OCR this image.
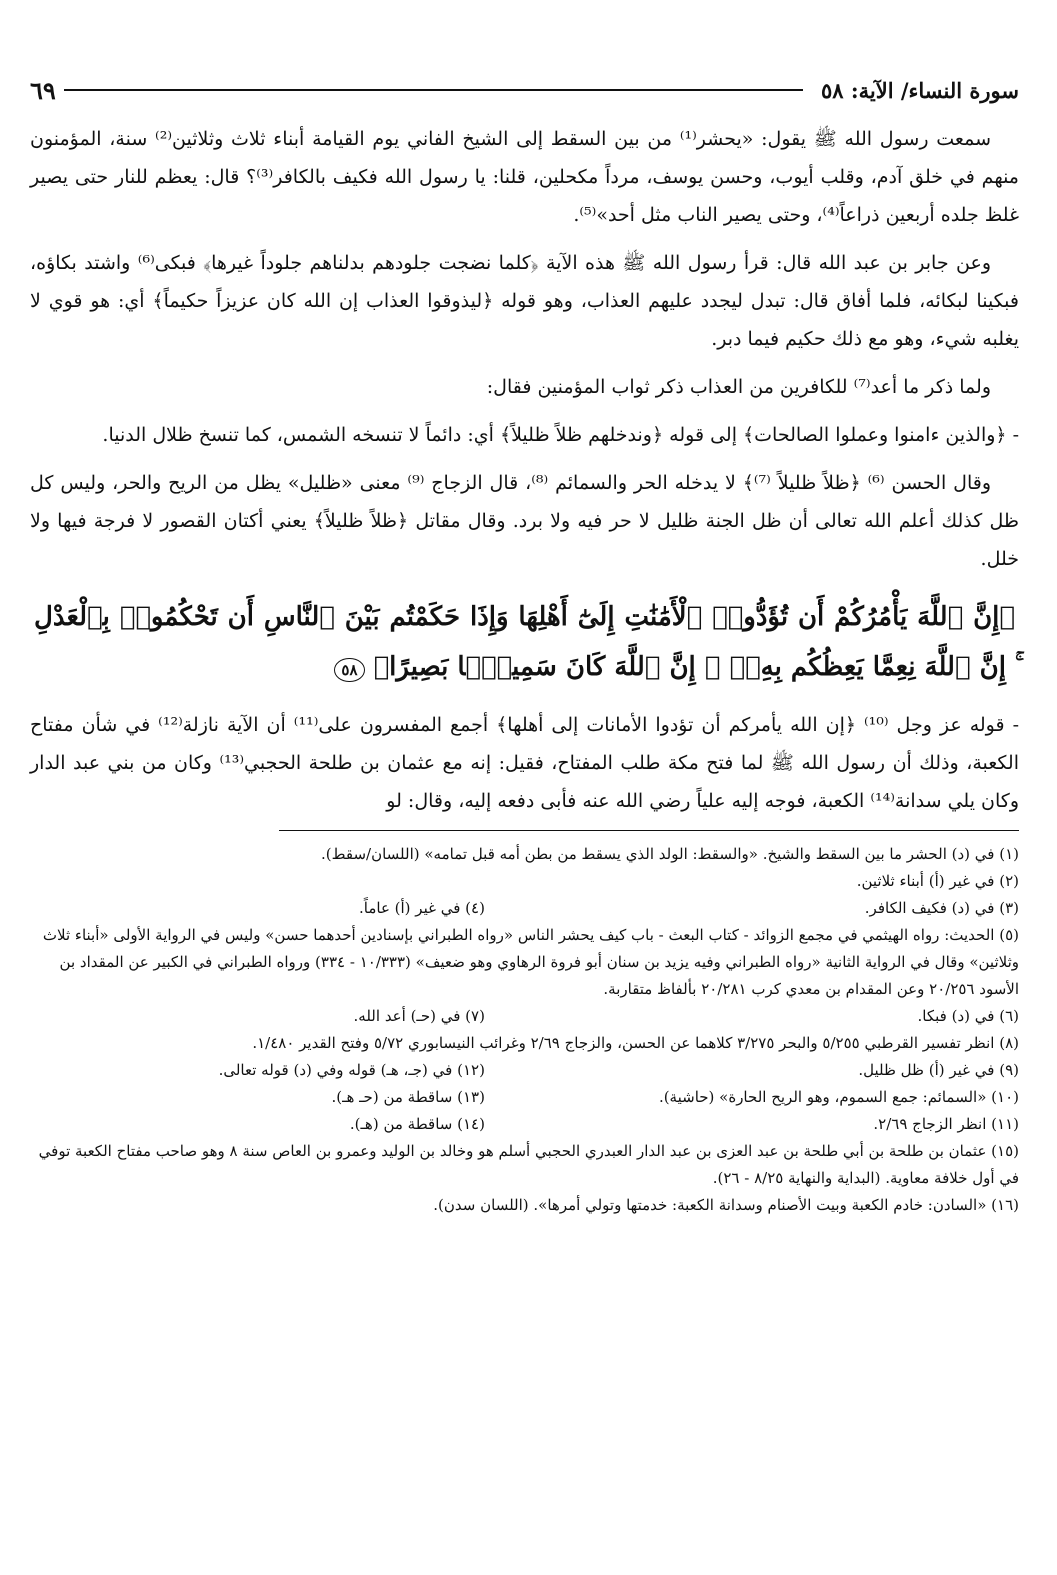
سورة النساء/ الآية: ٥٨
٦٩

سمعت رسول الله ﷺ يقول: «يحشر⁽¹⁾ من بين السقط إلى الشيخ الفاني يوم القيامة أبناء ثلاث وثلاثين⁽²⁾ سنة، المؤمنون منهم في خلق آدم، وقلب أيوب، وحسن يوسف، مرداً مكحلين، قلنا: يا رسول الله فكيف بالكافر⁽³⁾؟ قال: يعظم للنار حتى يصير غلظ جلده أربعين ذراعاً⁽⁴⁾، وحتى يصير الناب مثل أحد»⁽⁵⁾.

وعن جابر بن عبد الله قال: قرأ رسول الله ﷺ هذه الآية ﴿كلما نضجت جلودهم بدلناهم جلوداً غيرها﴾ فبكى⁽⁶⁾ واشتد بكاؤه، فبكينا لبكائه، فلما أفاق قال: تبدل ليجدد عليهم العذاب، وهو قوله ﴿ليذوقوا العذاب إن الله كان عزيزاً حكيماً﴾ أي: هو قوي لا يغلبه شيء، وهو مع ذلك حكيم فيما دبر.

ولما ذكر ما أعد⁽⁷⁾ للكافرين من العذاب ذكر ثواب المؤمنين فقال:

- ﴿والذين ءامنوا وعملوا الصالحات﴾ إلى قوله ﴿وندخلهم ظلاً ظليلاً﴾ أي: دائماً لا تنسخه الشمس، كما تنسخ ظلال الدنيا.

وقال الحسن ⁽⁶⁾ ﴿ظلاً ظليلاً ⁽⁷⁾﴾ لا يدخله الحر والسمائم ⁽⁸⁾، قال الزجاج ⁽⁹⁾ معنى «ظليل» يظل من الريح والحر، وليس كل ظل كذلك أعلم الله تعالى أن ظل الجنة ظليل لا حر فيه ولا برد. وقال مقاتل ﴿ظلاً ظليلاً﴾ يعني أكتان القصور لا فرجة فيها ولا خلل.

﴿إِنَّ ٱللَّهَ يَأْمُرُكُمْ أَن تُؤَدُّوا۟ ٱلْأَمَٰنَٰتِ إِلَىٰٓ أَهْلِهَا وَإِذَا حَكَمْتُم بَيْنَ ٱلنَّاسِ أَن تَحْكُمُوا۟ بِٱلْعَدْلِ ۚ إِنَّ ٱللَّهَ نِعِمَّا يَعِظُكُم بِهِۦٓ ۗ إِنَّ ٱللَّهَ كَانَ سَمِيعًۢا بَصِيرًا﴾ ٥٨

- قوله عز وجل ⁽¹⁰⁾ ﴿إن الله يأمركم أن تؤدوا الأمانات إلى أهلها﴾ أجمع المفسرون على⁽¹¹⁾ أن الآية نازلة⁽¹²⁾ في شأن مفتاح الكعبة، وذلك أن رسول الله ﷺ لما فتح مكة طلب المفتاح، فقيل: إنه مع عثمان بن طلحة الحجبي⁽¹³⁾ وكان من بني عبد الدار وكان يلي سدانة⁽¹⁴⁾ الكعبة، فوجه إليه علياً رضي الله عنه فأبى دفعه إليه، وقال: لو

(١) في (د) الحشر ما بين السقط والشيخ. «والسقط: الولد الذي يسقط من بطن أمه قبل تمامه» (اللسان/سقط).

(٢) في غير (أ) أبناء ثلاثين.

(٣) في (د) فكيف الكافر.

(٤) في غير (أ) عاماً.

(٥) الحديث: رواه الهيثمي في مجمع الزوائد - كتاب البعث - باب كيف يحشر الناس «رواه الطبراني بإسنادين أحدهما حسن» وليس في الرواية الأولى «أبناء ثلاث وثلاثين» وقال في الرواية الثانية «رواه الطبراني وفيه يزيد بن سنان أبو فروة الرهاوي وهو ضعيف» (١٠/٣٣٣ - ٣٣٤) ورواه الطبراني في الكبير عن المقداد بن الأسود ٢٠/٢٥٦ وعن المقدام بن معدي كرب ٢٠/٢٨١ بألفاظ متقاربة.

(٦) في (د) فبكا.

(٧) في (حـ) أعد الله.

(٨) انظر تفسير القرطبي ٥/٢٥٥ والبحر ٣/٢٧٥ كلاهما عن الحسن، والزجاج ٢/٦٩ وغرائب النيسابوري ٥/٧٢ وفتح القدير ١/٤٨٠.

(٩) في غير (أ) ظل ظليل.

(١٢) في (جـ، هـ) قوله وفي (د) قوله تعالى.

(١٠) «السمائم: جمع السموم، وهو الريح الحارة» (حاشية).

(١٣) ساقطة من (حـ هـ).

(١١) انظر الزجاج ٢/٦٩.

(١٤) ساقطة من (هـ).

(١٥) عثمان بن طلحة بن أبي طلحة بن عبد العزى بن عبد الدار العبدري الحجبي أسلم هو وخالد بن الوليد وعمرو بن العاص سنة ٨ وهو صاحب مفتاح الكعبة توفي في أول خلافة معاوية. (البداية والنهاية ٨/٢٥ - ٢٦).

(١٦) «السادن: خادم الكعبة وبيت الأصنام وسدانة الكعبة: خدمتها وتولي أمرها». (اللسان سدن).
